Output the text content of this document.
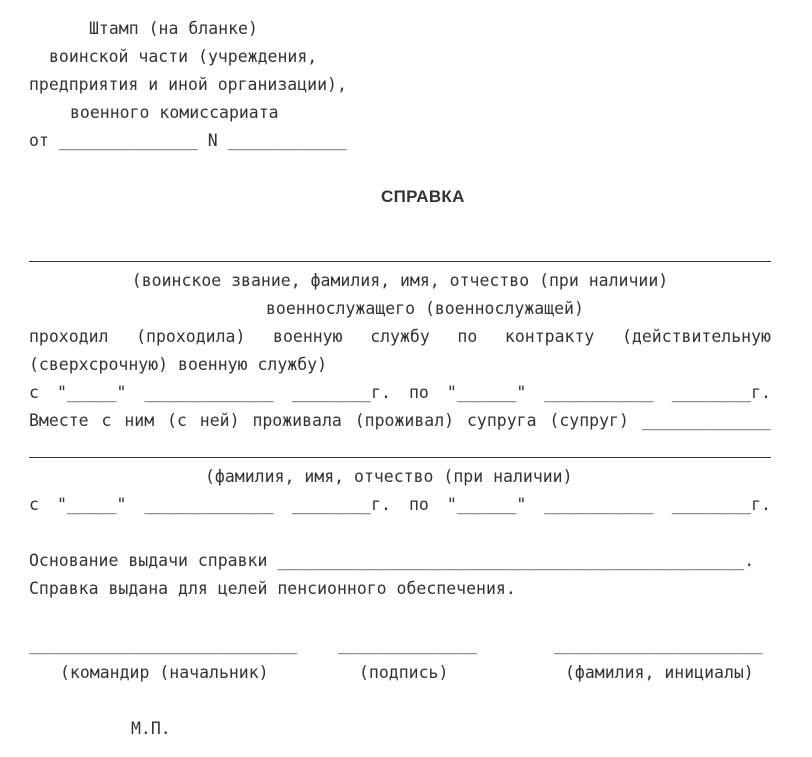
Штамп (на бланке)
воинской части (учреждения,
предприятия и иной организации),
военного комиссариата
от ______________ N ____________
СПРАВКА
(воинское звание, фамилия, имя, отчество (при наличии)
военнослужащего (военнослужащей)
проходил (проходила) военную службу по контракту (действительную
(сверхсрочную) военную службу)
с "_____" _____________ ________г. по "______" ___________ ________г.
Вместе с ним (с ней) проживала (проживал) супруга (супруг) _____________
(фамилия, имя, отчество (при наличии)
с "_____" _____________ ________г. по "______" ___________ ________г.
Основание выдачи справки _______________________________________________.
Справка выдана для целей пенсионного обеспечения.
___________________________ ______________	_____________________
(командир (начальник)	(подпись)	(фамилия, инициалы)
М.П.
